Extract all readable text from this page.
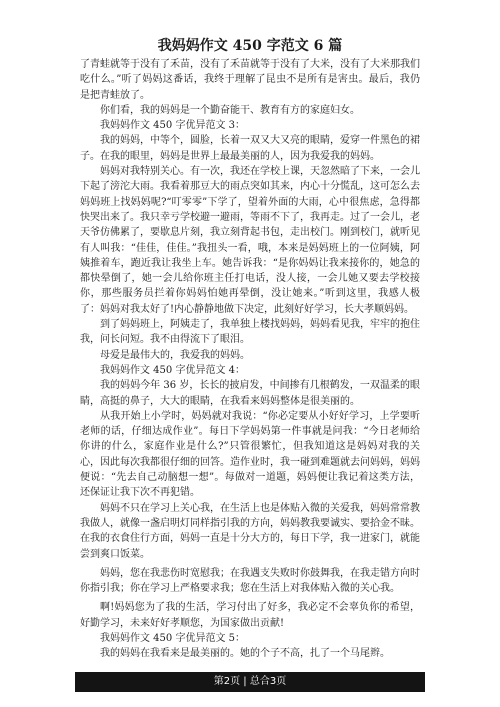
我妈妈作文 450 字范文 6 篇

了青蛙就等于没有了禾苗，没有了禾苗就等于没有了大米，没有了大米那我们吃什么。”听了妈妈这番话，我终于理解了昆虫不是所有是害虫。最后，我仍是把青蛙放了。

你们看，我的妈妈是一个勤奋能干、教育有方的家庭妇女。

我妈妈作文 450 字优异范文 3：

我的妈妈，中等个，圆脸，长着一双又大又亮的眼睛，爱穿一件黑色的裙子。在我的眼里，妈妈是世界上最最美丽的人，因为我爱我的妈妈。

妈妈对我特别关心。有一次，我还在学校上课，天忽然暗了下来，一会儿下起了滂沱大雨。我看着那豆大的雨点突如其来，内心十分慌乱，这可怎么去妈妈班上找妈妈呢?“叮零零”下学了，望着外面的大雨，心中很焦虑，急得都快哭出来了。我只幸亏学校避一避雨，等雨不下了，我再走。过了一会儿，老天爷仿佛累了，要歇息片刻，我立刻背起书包，走出校门。刚到校门，就听见有人叫我：“佳佳，佳佳。”我扭头一看，哦，本来是妈妈班上的一位阿姨，阿姨推着车，跑近我让我坐上车。她告诉我：“是你妈妈让我来接你的，她急的都快晕倒了，她一会儿给你班主任打电话，没人接，一会儿她又要去学校接你，那些服务员拦着你妈妈怕她再晕倒，没让她来。”听到这里，我感人极了：妈妈对我太好了!内心静静地做下决定，此刻好好学习，长大孝顺妈妈。

到了妈妈班上，阿姨走了，我单独上楼找妈妈，妈妈看见我，牢牢的抱住我，问长问短。我不由得流下了眼泪。

母爱是最伟大的，我爱我的妈妈。

我妈妈作文 450 字优异范文 4：

我的妈妈今年 36 岁，长长的披肩发，中间掺有几根鹤发，一双温柔的眼睛，高挺的鼻子，大大的眼睛，在我看来妈妈整体是很美丽的。

从我开始上小学时，妈妈就对我说：“你必定要从小好好学习，上学要听老师的话，仔细达成作业”。每日下学妈妈第一件事就是问我：“今日老师给你讲的什么，家庭作业是什么?”只管很繁忙，但我知道这是妈妈对我的关心，因此每次我都很仔细的回答。造作业时，我一碰到难题就去问妈妈，妈妈便说：“先去自己动脑想一想”。每做对一道题，妈妈便让我记着这类方法，还保证让我下次不再犯错。

妈妈不只在学习上关心我，在生活上也是体贴入微的关爱我，妈妈常常教我做人，就像一盏启明灯同样指引我的方向，妈妈教我要诚实、要拾金不昧。在我的衣食住行方面，妈妈一直是十分大方的，每日下学，我一进家门，就能尝到爽口饭菜。

妈妈，您在我悲伤时宽慰我；在我遇支失败时你鼓舞我，在我走错方向时你指引我；你在学习上严格要求我；您在生活上对我体贴入微的关心我。

啊!妈妈您为了我的生活，学习付出了好多，我必定不会辜负你的希望，好勤学习，未来好好孝顺您，为国家做出贡献!

我妈妈作文 450 字优异范文 5：

我的妈妈在我看来是最美丽的。她的个子不高，扎了一个马尾辫。

第2页 | 总合3页
